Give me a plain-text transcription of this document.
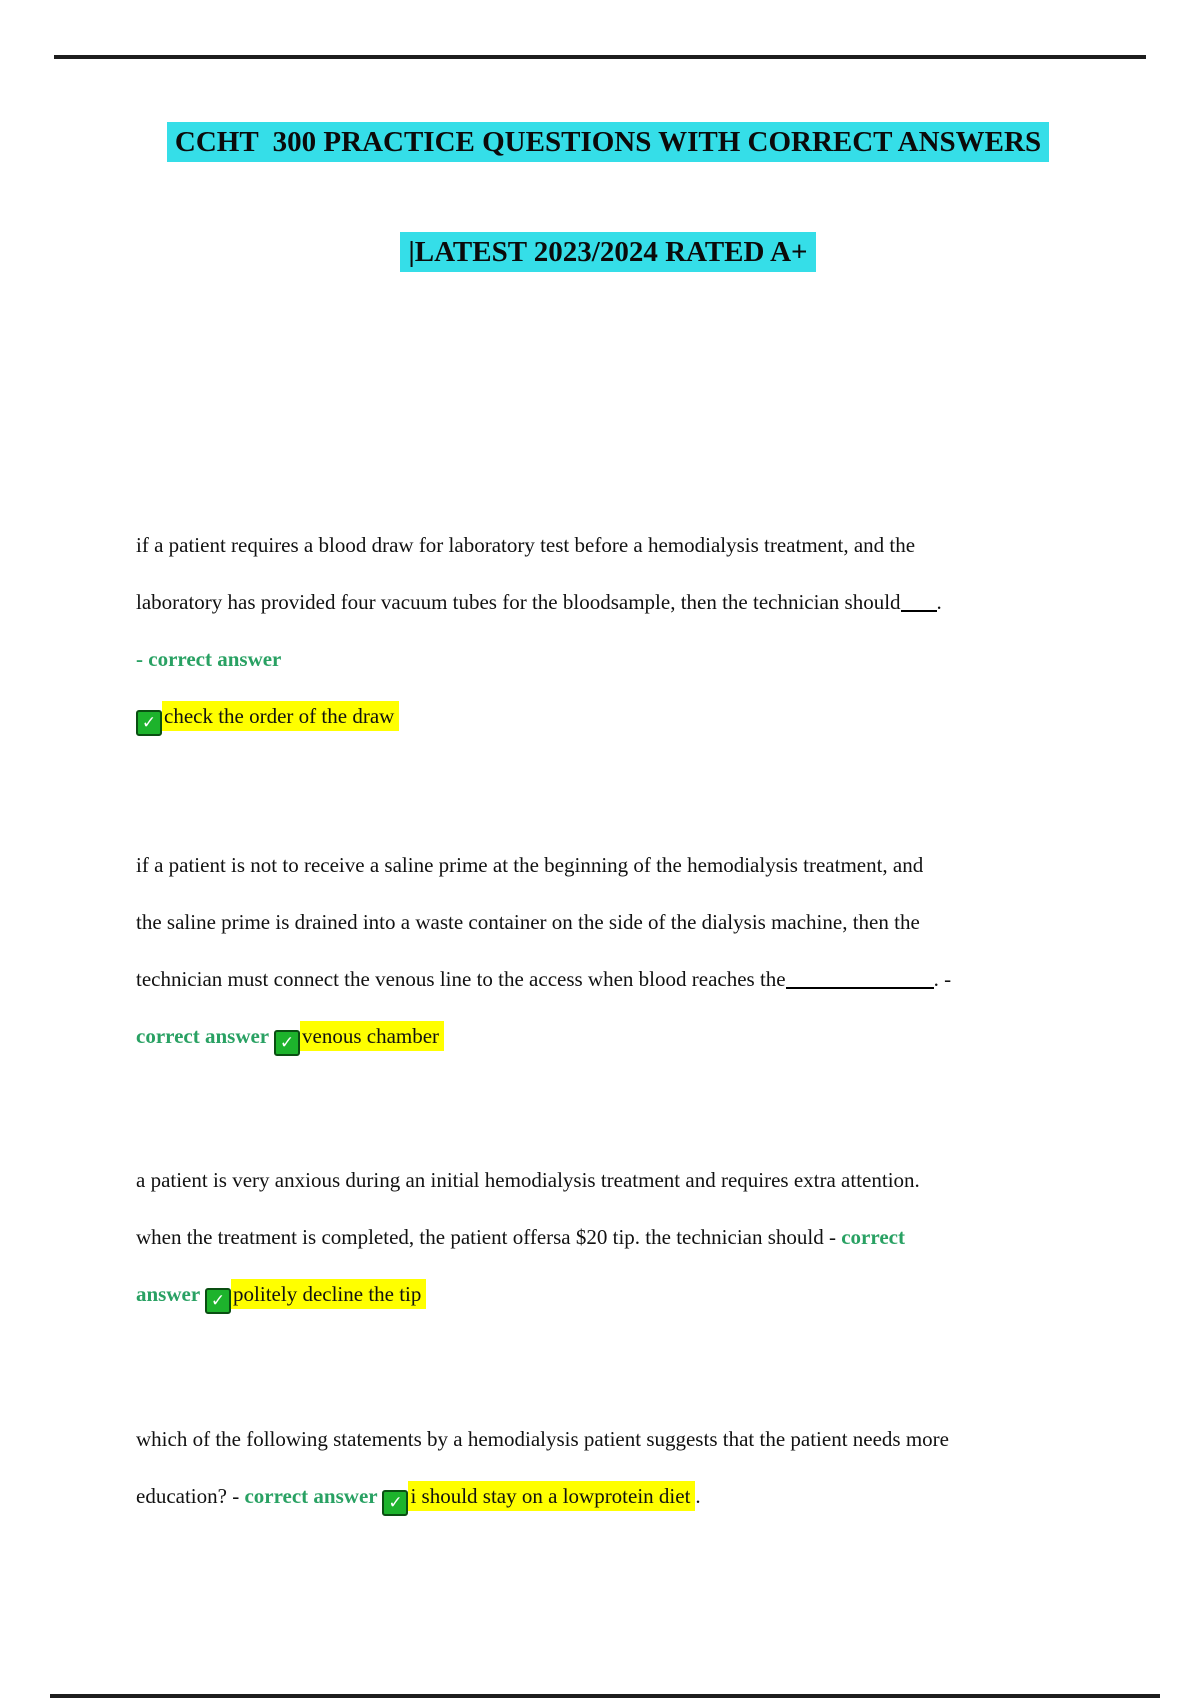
CCHT  300 PRACTICE QUESTIONS WITH CORRECT ANSWERS

|LATEST 2023/2024 RATED A+

if a patient requires a blood draw for laboratory test before a hemodialysis treatment, and the
laboratory has provided four vacuum tubes for the bloodsample, then the technician should .
- correct answer
✓ check the order of the draw
if a patient is not to receive a saline prime at the beginning of the hemodialysis treatment, and
the saline prime is drained into a waste container on the side of the dialysis machine, then the
technician must connect the venous line to the access when blood reaches the	. -
correct answer ✓ venous chamber
a patient is very anxious during an initial hemodialysis treatment and requires extra attention.
when the treatment is completed, the patient offersa $20 tip. the technician should - correct
answer ✓ politely decline the tip
which of the following statements by a hemodialysis patient suggests that the patient needs more
education? - correct answer ✓ i should stay on a lowprotein diet .
